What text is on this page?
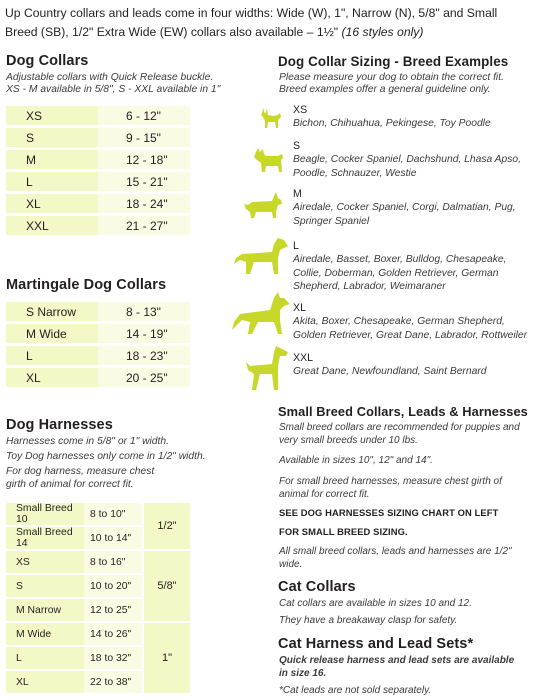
Up Country collars and leads come in four widths: Wide (W), 1", Narrow (N), 5/8" and Small Breed (SB), 1/2" Extra Wide (EW) collars also available – 1½" (16 styles only)
Dog Collars
Adjustable collars with Quick Release buckle.
XS - M available in 5/8", S - XXL available in 1"
XS	6 - 12"
S	9 - 15"
M	12 - 18"
L	15 - 21"
XL	18 - 24"
XXL	21 - 27"
Martingale Dog Collars
S Narrow	8 - 13"
M Wide	14 - 19"
L	18 - 23"
XL	20 - 25"
Dog Harnesses
Harnesses come in 5/8" or 1" width.
Toy Dog harnesses only come in 1/2" width.
For dog harness, measure chest girth of animal for correct fit.
Small Breed 10	8 to 10"	1/2"
Small Breed 14	10 to 14"	
XS	8 to 16"	5/8"
S	10 to 20"	
M Narrow	12 to 25"	
M Wide	14 to 26"	1"
L	18 to 32"	
XL	22 to 38"	
Dog Collar Sizing - Breed Examples
Please measure your dog to obtain the correct fit.
Breed examples offer a general guideline only.
XS
Bichon, Chihuahua, Pekingese, Toy Poodle
S
Beagle, Cocker Spaniel, Dachshund, Lhasa Apso, Poodle, Schnauzer, Westie
M
Airedale, Cocker Spaniel, Corgi, Dalmatian, Pug, Springer Spaniel
L
Airedale, Basset, Boxer, Bulldog, Chesapeake, Collie, Doberman, Golden Retriever, German Shepherd, Labrador, Weimaraner
XL
Akita, Boxer, Chesapeake, German Shepherd, Golden Retriever, Great Dane, Labrador, Rottweiler
XXL
Great Dane, Newfoundland, Saint Bernard
Small Breed Collars, Leads & Harnesses
Small breed collars are recommended for puppies and very small breeds under 10 lbs.
Available in sizes 10", 12" and 14".
For small breed harnesses, measure chest girth of animal for correct fit.
SEE DOG HARNESSES SIZING CHART ON LEFT
FOR SMALL BREED SIZING.
All small breed collars, leads and harnesses are 1/2" wide.
Cat Collars
Cat collars are available in sizes 10 and 12.
They have a breakaway clasp for safety.
Cat Harness and Lead Sets*
Quick release harness and lead sets are available in size 16.
*Cat leads are not sold separately.
